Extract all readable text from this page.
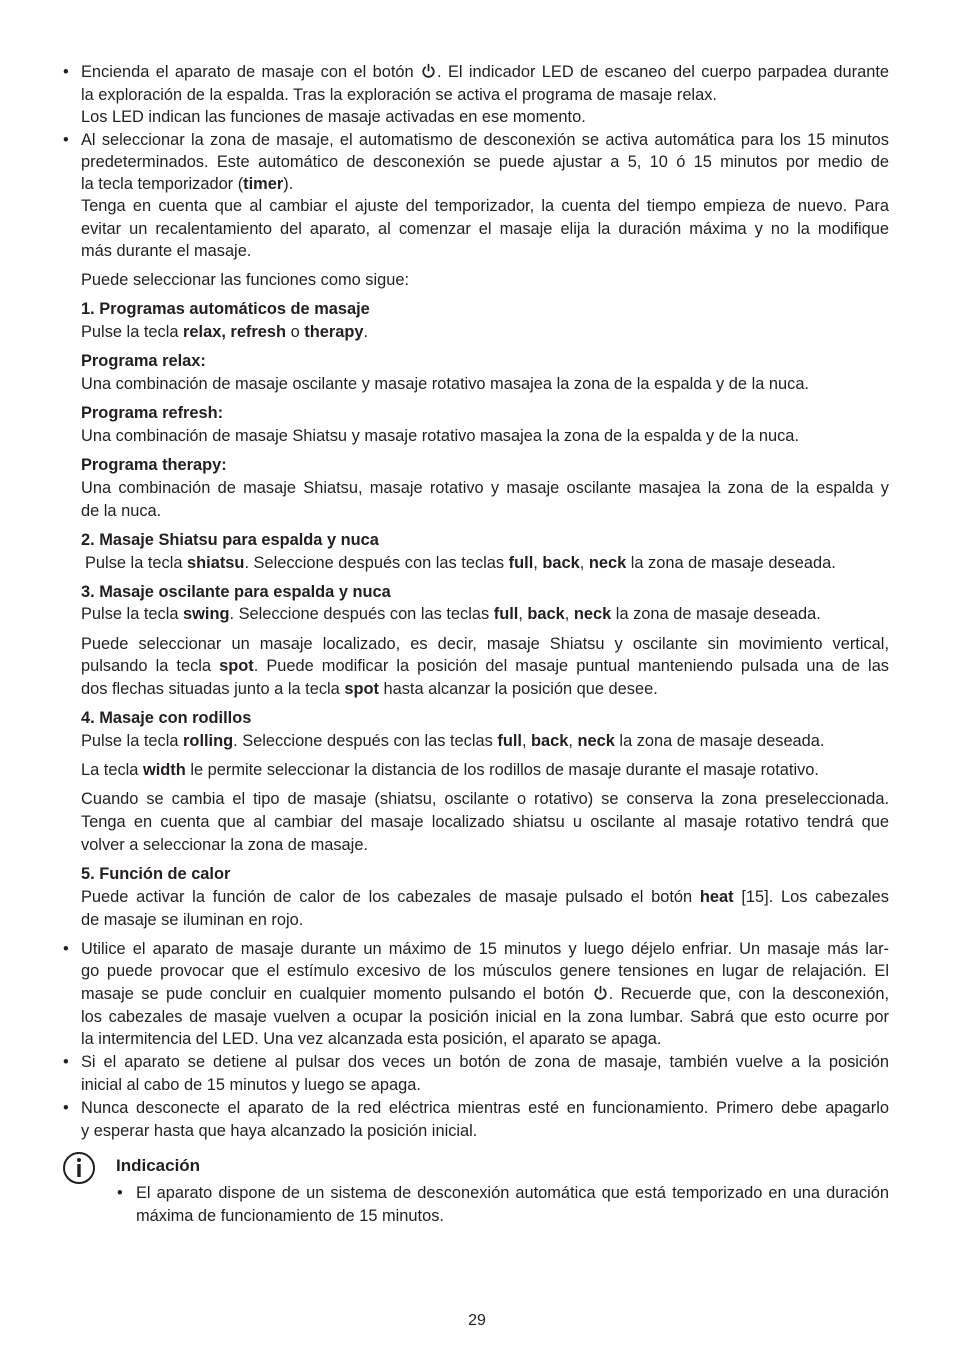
• Encienda el aparato de masaje con el botón . El indicador LED de escaneo del cuerpo parpadea durante
la exploración de la espalda. Tras la exploración se activa el programa de masaje relax.
Los LED indican las funciones de masaje activadas en ese momento.
• Al seleccionar la zona de masaje, el automatismo de desconexión se activa automática para los 15 minutos
predeterminados. Este automático de desconexión se puede ajustar a 5, 10 ó 15 minutos por medio de
la tecla temporizador (timer).
Tenga en cuenta que al cambiar el ajuste del temporizador, la cuenta del tiempo empieza de nuevo. Para
evitar un recalentamiento del aparato, al comenzar el masaje elija la duración máxima y no la modifique
más durante el masaje.
Puede seleccionar las funciones como sigue:
1. Programas automáticos de masaje
Pulse la tecla relax, refresh o therapy.
Programa relax:
Una combinación de masaje oscilante y masaje rotativo masajea la zona de la espalda y de la nuca.
Programa refresh:
Una combinación de masaje Shiatsu y masaje rotativo masajea la zona de la espalda y de la nuca.
Programa therapy:
Una combinación de masaje Shiatsu, masaje rotativo y masaje oscilante masajea la zona de la espalda y
de la nuca.
2. Masaje Shiatsu para espalda y nuca
Pulse la tecla shiatsu. Seleccione después con las teclas full, back, neck la zona de masaje deseada.
3. Masaje oscilante para espalda y nuca
Pulse la tecla swing. Seleccione después con las teclas full, back, neck la zona de masaje deseada.
Puede seleccionar un masaje localizado, es decir, masaje Shiatsu y oscilante sin movimiento vertical,
pulsando la tecla spot. Puede modificar la posición del masaje puntual manteniendo pulsada una de las
dos flechas situadas junto a la tecla spot hasta alcanzar la posición que desee.
4. Masaje con rodillos
Pulse la tecla rolling. Seleccione después con las teclas full, back, neck la zona de masaje deseada.
La tecla width le permite seleccionar la distancia de los rodillos de masaje durante el masaje rotativo.
Cuando se cambia el tipo de masaje (shiatsu, oscilante o rotativo) se conserva la zona preseleccionada.
Tenga en cuenta que al cambiar del masaje localizado shiatsu u oscilante al masaje rotativo tendrá que
volver a seleccionar la zona de masaje.
5. Función de calor
Puede activar la función de calor de los cabezales de masaje pulsado el botón heat [15]. Los cabezales
de masaje se iluminan en rojo.
• Utilice el aparato de masaje durante un máximo de 15 minutos y luego déjelo enfriar. Un masaje más lar-
go puede provocar que el estímulo excesivo de los músculos genere tensiones en lugar de relajación. El
masaje se pude concluir en cualquier momento pulsando el botón . Recuerde que, con la desconexión,
los cabezales de masaje vuelven a ocupar la posición inicial en la zona lumbar. Sabrá que esto ocurre por
la intermitencia del LED. Una vez alcanzada esta posición, el aparato se apaga.
• Si el aparato se detiene al pulsar dos veces un botón de zona de masaje, también vuelve a la posición
inicial al cabo de 15 minutos y luego se apaga.
• Nunca desconecte el aparato de la red eléctrica mientras esté en funcionamiento. Primero debe apagarlo
y esperar hasta que haya alcanzado la posición inicial.
Indicación
• El aparato dispone de un sistema de desconexión automática que está temporizado en una duración
máxima de funcionamiento de 15 minutos.
29
